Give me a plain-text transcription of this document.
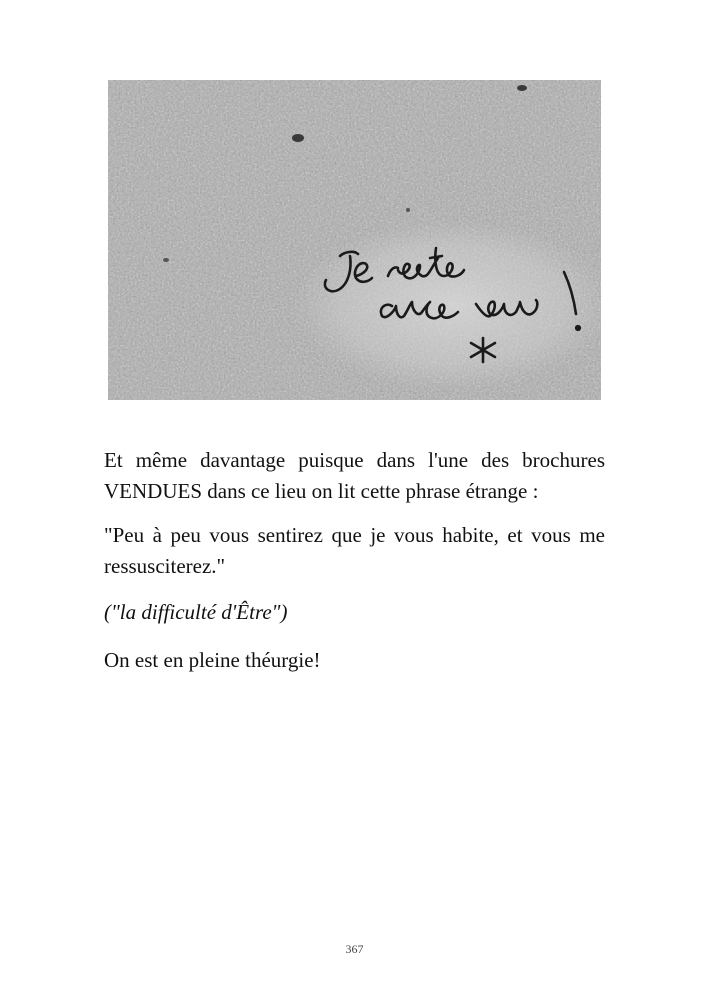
Et même davantage puisque dans l'une des brochures VENDUES dans ce lieu on lit cette phrase étrange :

"Peu à peu vous sentirez que je vous habite, et vous me ressusciterez."

("la difficulté d'Être")

On est en pleine théurgie!

367
